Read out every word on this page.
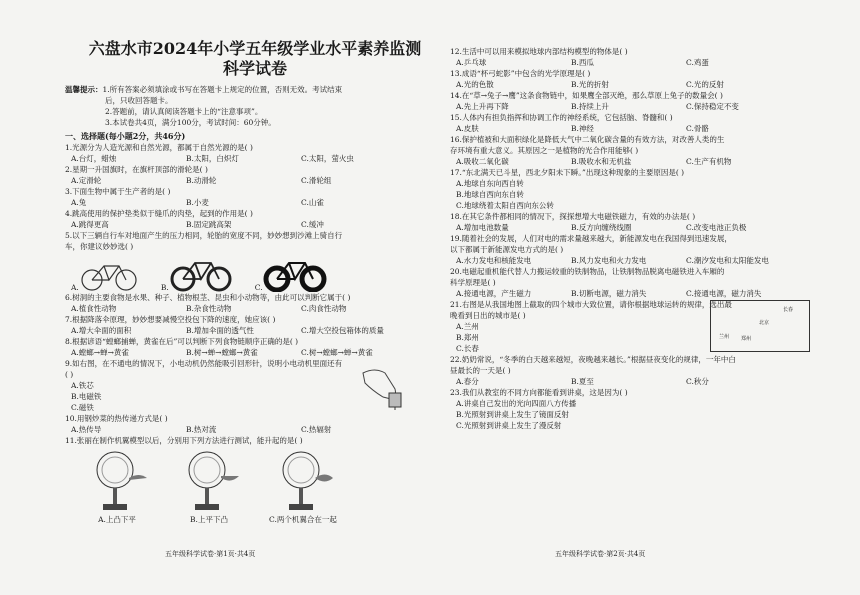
六盘水市2024年小学五年级学业水平素养监测
科学试卷
温馨提示：1.所有答案必须填涂或书写在答题卡上规定的位置，否则无效。考试结束
后，只收回答题卡。
2.答题前，请认真阅读答题卡上的“注意事项”。
3.本试卷共4页，满分100分，考试时间：60分钟。
一、选择题(每小题2分，共46分)
1.光源分为人造光源和自然光源，都属于自然光源的是( )
A.台灯，蜡烛	B.太阳，白炽灯	C.太阳，萤火虫
2.星期一升国旗时，在旗杆顶部的滑轮是( )
A.定滑轮	B.动滑轮	C.滑轮组
3.下面生物中属于生产者的是( )
A.兔	B.小麦	C.山雀
4.跳高使用的保护垫类似于缝爪的肉垫，起到的作用是( )
A.跳得更高	B.固定跳高架	C.缓冲
5.以下三辆自行车对地面产生的压力相同，轮胎的宽度不同，妙妙想到沙滩上骑自行
车，你建议妙妙选( )
A.	B.	C.
6.树洞的主要食物是水果、种子、植物根茎、昆虫和小动物等，由此可以判断它属于( )
A.植食性动物	B.杂食性动物	C.肉食性动物
7.根据降落伞原理，妙妙想要减慢空投包下降的速度，她应该( )
A.增大伞面的面积	B.增加伞面的透气性	C.增大空投包箱体的质量
8.根据谚语“螳螂捕蝉，黄雀在后”可以判断下列食物链顺序正确的是( )
A.螳螂→蝉→黄雀	B.树→蝉→螳螂→黄雀	C.树→螳螂→蝉→黄雀
9.如右图，在不通电的情况下，小电动机仍然能吸引回形针，说明小电动机里面还有
( )
A.铁芯
B.电磁铁
C.磁铁
10.用钢炒菜的热传递方式是( )
A.热传导	B.热对流	C.热辐射
11.张丽在制作机翼模型以后，分别用下列方法进行测试，能升起的是( )
A.上凸下平	B.上平下凸	C.两个机翼合在一起
五年级科学试卷·第1页·共4页
12.生活中可以用来模拟地球内部结构模型的物体是( )
A.乒乓球	B.西瓜	C.鸡蛋
13.成语“杯弓蛇影”中包含的光学原理是( )
A.光的色散	B.光的折射	C.光的反射
14.在“草→兔子→鹰”这条食物链中，如果鹰全部灭绝，那么草原上兔子的数量会( )
A.先上升再下降	B.持续上升	C.保持稳定不变
15.人体内有担负指挥和协调工作的神经系统，它包括脑、脊髓和( )
A.皮肤	B.神经	C.骨骼
16.保护植被和大面积绿化是降低大气中二氧化碳含量的有效方法，对改善人类的生
存环境有重大意义。其原因之一是植物的光合作用能够( )
A.吸收二氧化碳	B.吸收水和无机盐	C.生产有机物
17.“东北满天已斗星，西北夕阳未下瞬。”出现这种现象的主要原因是( )
A.地球自东向西自转
B.地球自西向东自转
C.地球绕着太阳自西向东公转
18.在其它条件都相同的情况下，探探想增大电磁铁磁力，有效的办法是( )
A.增加电池数量	B.反方向缠绕线圈	C.改变电池正负极
19.随着社会的发展，人们对电的需求量越来越大，新能源发电在我国得到迅速发展，
以下都属于新能源发电方式的是( )
A.水力发电和核能发电	B.风力发电和火力发电	C.潮汐发电和太阳能发电
20.电磁起重机能代替人力搬运较重的铁制物品，让铁制物品脱离电磁铁进入车厢的
科学原理是( )
A.接通电源，产生磁力	B.切断电源，磁力消失	C.接通电源，磁力消失
21.右图是从我国地图上截取的四个城市大致位置，请你根据地球运转的规律，选出最
晚看到日出的城市是( )
A.兰州
B.郑州
C.长春
长春
兰州 郑州
北京
22.奶奶常说，“冬季的白天越来越短，夜晚越来越长。”根据昼夜变化的规律，一年中白
昼最长的一天是( )
A.春分	B.夏至	C.秋分
23.我们从教室的不同方向都能看到讲桌，这是因为( )
A.讲桌自己发出的光向四面八方传播
B.光照射到讲桌上发生了镜面反射
C.光照射到讲桌上发生了漫反射
五年级科学试卷·第2页·共4页
